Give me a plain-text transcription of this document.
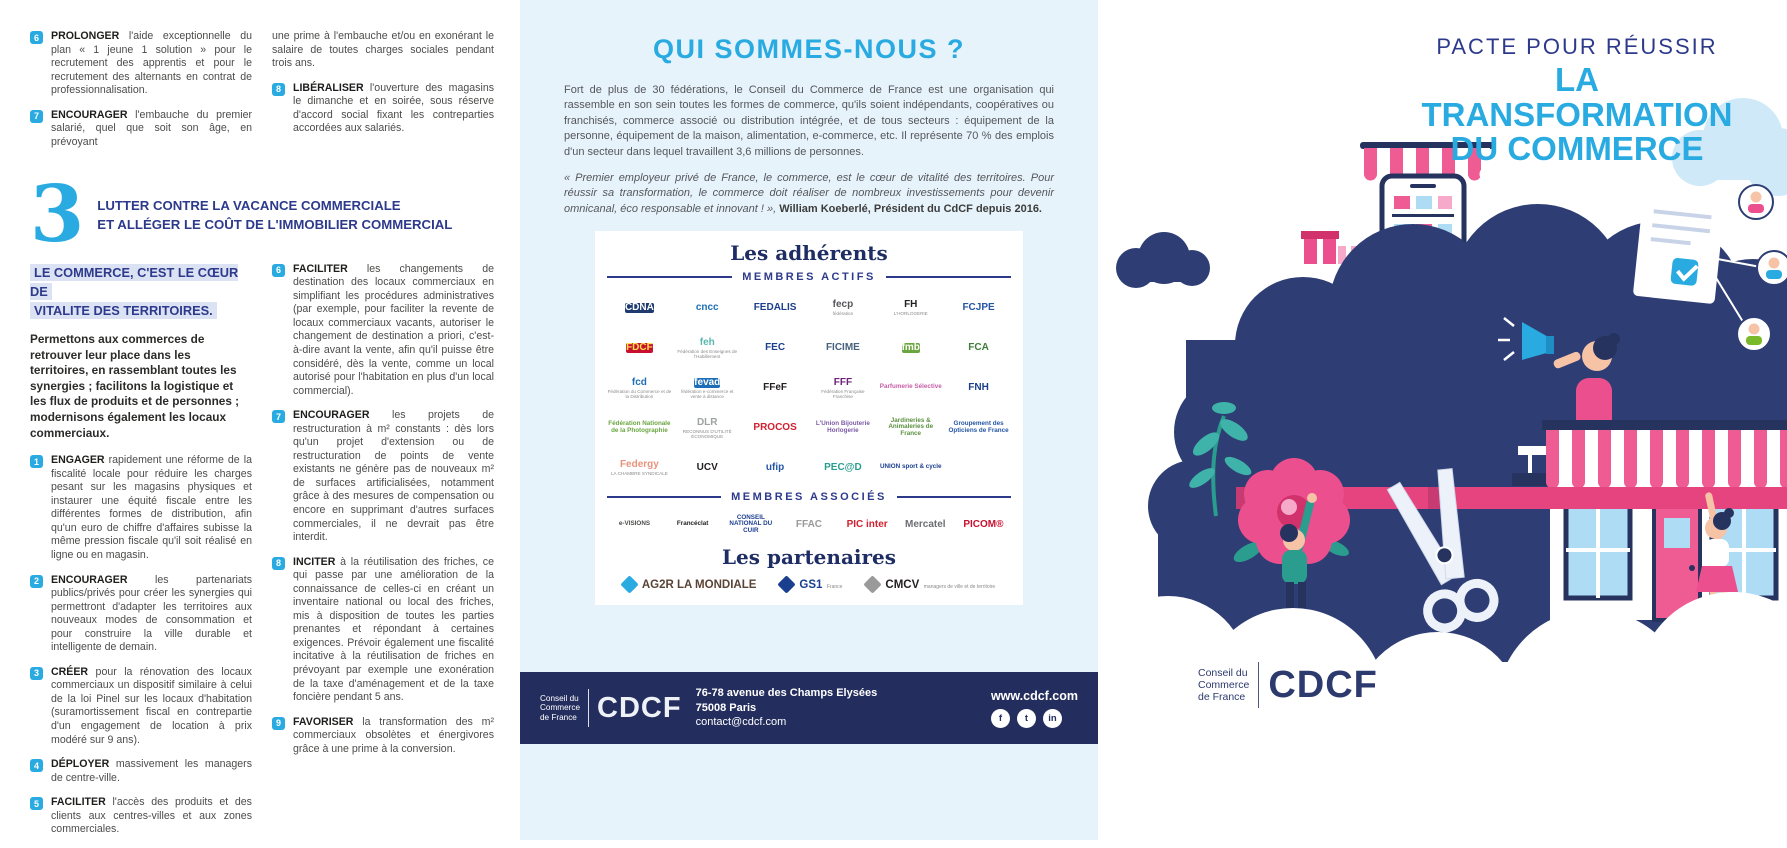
6	PROLONGER l'aide exceptionnelle du plan « 1 jeune 1 solution » pour le recrutement des apprentis et pour le recrutement des alternants en contrat de professionnalisation.

7	ENCOURAGER l'embauche du premier salarié, quel que soit son âge, en prévoyant

une prime à l'embauche et/ou en exonérant le salaire de toutes charges sociales pendant trois ans.

8	LIBÉRALISER l'ouverture des magasins le dimanche et en soirée, sous réserve d'accord social fixant les contreparties accordées aux salariés.

3 LUTTER CONTRE LA VACANCE COMMERCIALE
ET ALLÉGER LE COÛT DE L'IMMOBILIER COMMERCIAL
LE COMMERCE, C'EST LE CŒUR DE
VITALITE DES TERRITOIRES.

Permettons aux commerces de retrouver leur place dans les territoires, en rassemblant toutes les synergies ; facilitons la logistique et les flux de produits et de personnes ; modernisons également les locaux commerciaux.

1	ENGAGER rapidement une réforme de la fiscalité locale pour réduire les charges pesant sur les magasins physiques et instaurer une équité fiscale entre les différentes formes de distribution, afin qu'un euro de chiffre d'affaires subisse la même pression fiscale qu'il soit réalisé en ligne ou en magasin.

2	ENCOURAGER	les partenariats publics/privés pour créer les synergies qui permettront d'adapter les territoires aux nouveaux modes de consommation et pour construire la ville durable et intelligente de demain.

3	CRÉER pour la rénovation des locaux commerciaux un dispositif similaire à celui de la loi Pinel sur les locaux d'habitation (suramortissement fiscal en contrepartie d'un engagement de location à prix modéré sur 9 ans).

4	DÉPLOYER massivement les managers de centre-ville.

5	FACILITER l'accès des produits et des clients aux centres-villes et aux zones commerciales.

6	FACILITER les changements de destination des locaux commerciaux en simplifiant les procédures administratives (par exemple, pour faciliter la revente de locaux commerciaux vacants, autoriser le changement de destination a priori, c'est-à-dire avant la vente, afin qu'il puisse être considéré, dès la vente, comme un local autorisé pour l'habitation en plus d'un local commercial).

7	ENCOURAGER les projets de restructuration à m² constants : dès lors qu'un projet d'extension ou de restructuration de points de vente existants ne génère pas de nouveaux m² de surfaces artificialisées, notamment grâce à des mesures de compensation ou encore en supprimant d'autres surfaces commerciales, il ne devrait pas être interdit.

8	INCITER à la réutilisation des friches, ce qui passe par une amélioration de la connaissance de celles-ci en créant un inventaire national ou local des friches, mis à disposition de toutes les parties prenantes et répondant à certaines exigences. Prévoir également une fiscalité incitative à la réutilisation de friches en prévoyant par exemple une exonération de la taxe d'aménagement et de la taxe foncière pendant 5 ans.

9	FAVORISER la transformation des m² commerciaux obsolètes et énergivores grâce à une prime à la conversion.

QUI SOMMES-NOUS ?

Fort de plus de 30 fédérations, le Conseil du Commerce de France est une organisation qui rassemble en son sein toutes les formes de commerce, qu'ils soient indépendants, coopératives ou franchisés, commerce associé ou distribution intégrée, et de tous secteurs : équipement de la personne, équipement de la maison, alimentation, e-commerce, etc. Il représente 70 % des emplois d'un secteur dans lequel travaillent 3,6 millions de personnes.

« Premier employeur privé de France, le commerce, est le cœur de vitalité des territoires. Pour réussir sa transformation, le commerce doit réaliser de nombreux investissements pour devenir omnicanal, éco responsable et innovant ! », William Koeberlé, Président du CdCF depuis 2016.

Les adhérents
MEMBRES ACTIFS
CDNA	cncc	FEDALIS	fecp
fédération
FH
L'HORLOGERIE
FCJPE
FDCF	feh
Fédération des Enseignes de l'Habillement
FEC	FICIME	fmb	FCA
fcd
Fédération du Commerce et de la Distribution
fevad
fédération e-commerce et vente à distance
FFeF	FFF
Fédération Française Franchise
Parfumerie Sélective	FNH
Fédération Nationale de la Photographie
DLR
RECONNUS D'UTILITÉ ÉCONOMIQUE
PROCOS	L'Union Bijouterie Horlogerie
Jardineries & Animaleries de France
Groupement des Opticiens de France
Federgy
LA CHAMBRE SYNDICALE
UCV	ufip	PEC@D	UNION sport & cycle
MEMBRES ASSOCIÉS
e-VISIONS	Francéclat
CONSEIL NATIONAL DU CUIR
FFAC PIC inter Mercatel PICOM®
Les partenaires
AG2R LA MONDIALE	GS1 France	CMCV managers de ville et de territoire
Conseil du
Commerce
de France CDCF 76-78 avenue des Champs Elysées
75008 Paris
contact@cdcf.com
www.cdcf.com
f	t	in
PACTE POUR RÉUSSIR
LA TRANSFORMATION
DU COMMERCE
Conseil du
Commerce
de France CDCF
